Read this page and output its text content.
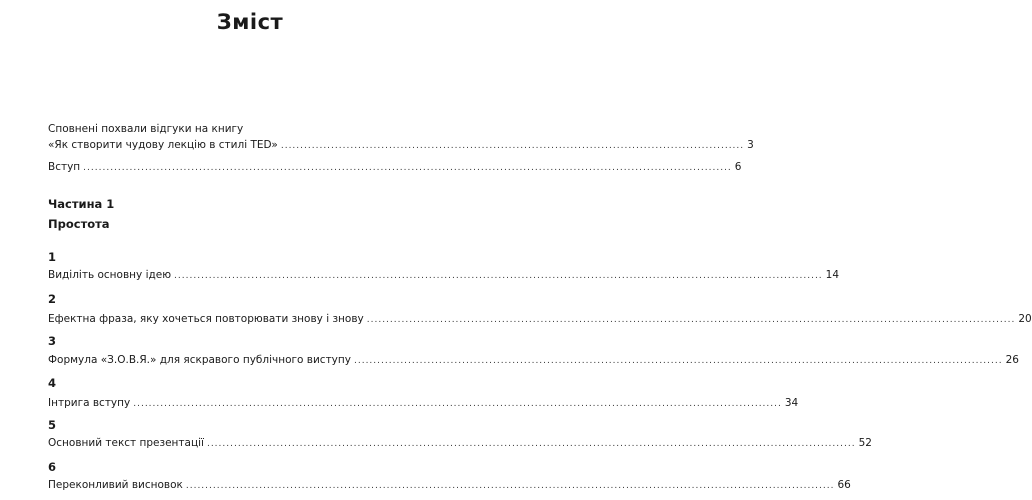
Зміст
Сповнені похвали відгуки на книгу
«Як створити чудову лекцію в стилі TED» ........................................................................................................................ 3
Вступ ........................................................................................................................................................................ 6
Частина 1
Простота
1
Виділіть основну ідею ........................................................................................................................................................................ 14
2
Ефектна фраза, яку хочеться повторювати знову і знову ........................................................................................................................................................................ 20
3
Формула «З.О.В.Я.» для яскравого публічного виступу ........................................................................................................................................................................ 26
4
Інтрига вступу ........................................................................................................................................................................ 34
5
Основний текст презентації ........................................................................................................................................................................ 52
6
Переконливий висновок ........................................................................................................................................................................ 66
